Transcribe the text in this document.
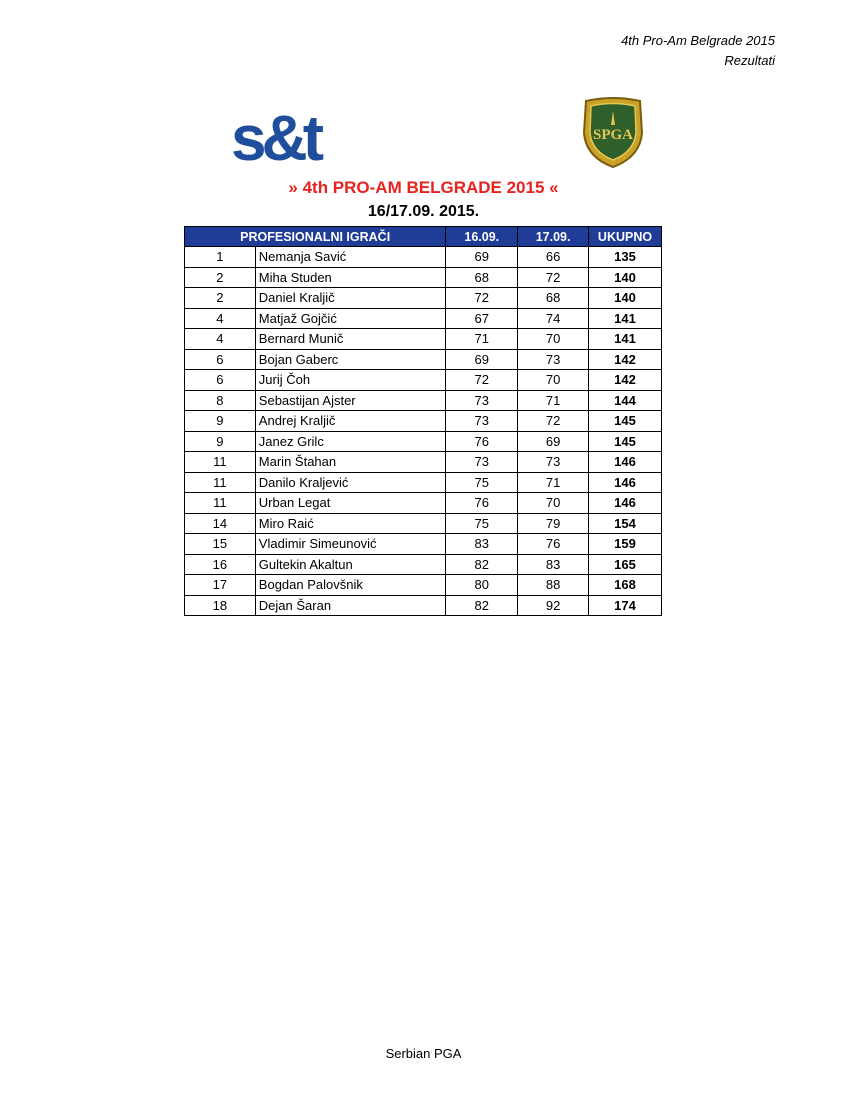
4th Pro-Am Belgrade 2015
Rezultati
s&t	SPGA
» 4th PRO-AM BELGRADE 2015 «
16/17.09. 2015.
PROFESIONALNI IGRAČI		16.09.	17.09.	UKUPNO
1	Nemanja Savić	69	66	135
2	Miha Studen	68	72	140
2	Daniel Kraljič	72	68	140
4	Matjaž Gojčić	67	74	141
4	Bernard Munič	71	70	141
6	Bojan Gaberc	69	73	142
6	Jurij Čoh	72	70	142
8	Sebastijan Ajster	73	71	144
9	Andrej Kraljič	73	72	145
9	Janez Grilc	76	69	145
11	Marin Štahan	73	73	146
11	Danilo Kraljević	75	71	146
11	Urban Legat	76	70	146
14	Miro Raić	75	79	154
15	Vladimir Simeunović	83	76	159
16	Gultekin Akaltun	82	83	165
17	Bogdan Palovšnik	80	88	168
18	Dejan Šaran	82	92	174
Serbian PGA
